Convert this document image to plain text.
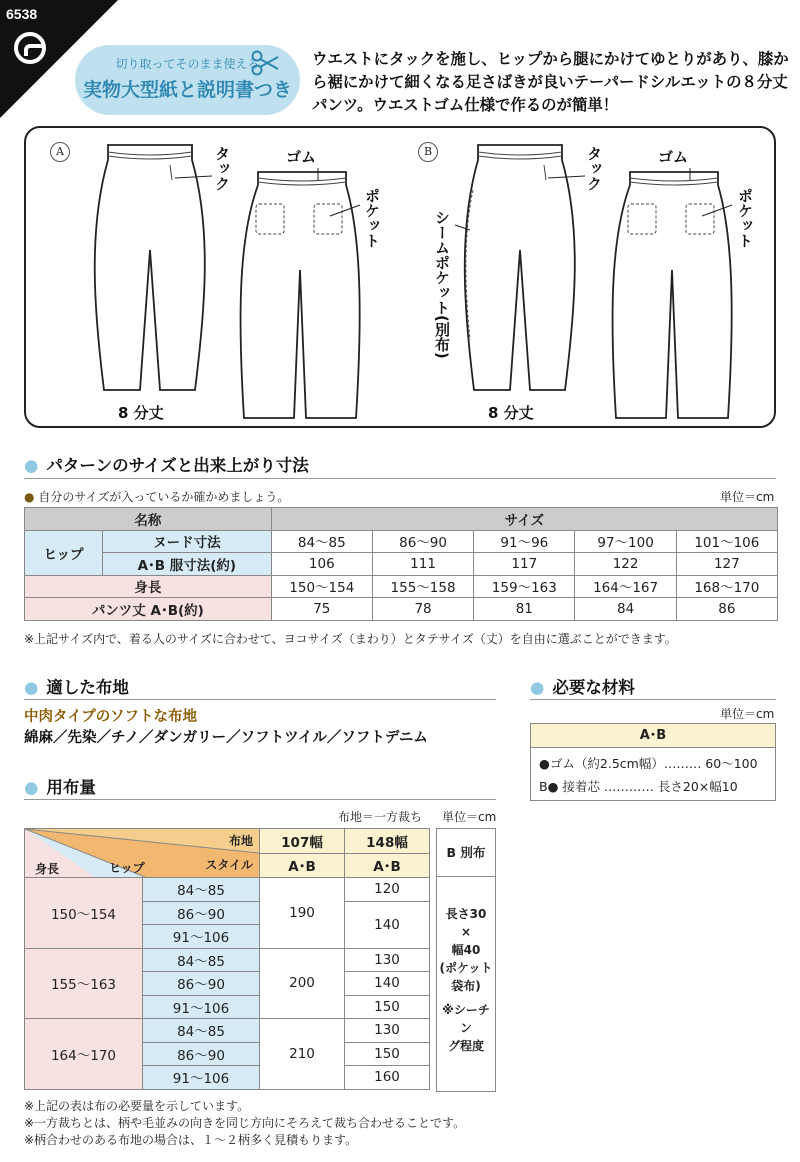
6538
切り取ってそのまま使える
実物大型紙と説明書つき
ウエストにタックを施し、ヒップから腿にかけてゆとりがあり、膝から裾にかけて細くなる足さばきが良いテーパードシルエットの８分丈パンツ。ウエストゴム仕様で作るのが簡単！
A	B
タック	ゴム
ポケット
8 分丈
タック	ゴム
ポケット
シームポケット(別布)
8 分丈
● パターンのサイズと出来上がり寸法
● 自分のサイズが入っているか確かめましょう。	単位＝cm
名称		サイズ				
ヒップ	ヌード寸法	84〜85	86〜90	91〜96	97〜100	101〜106
	A･B 服寸法(約)	106	111	117	122	127
身長		150〜154	155〜158	159〜163	164〜167	168〜170
パンツ丈 A･B(約)		75	78	81	84	86
※上記サイズ内で、着る人のサイズに合わせて、ヨコサイズ（まわり）とタテサイズ（丈）を自由に選ぶことができます。
● 適した布地
中肉タイプのソフトな布地
綿麻／先染／チノ／ダンガリー／ソフトツイル／ソフトデニム
● 必要な材料
単位＝cm
A･B
●ゴム（約2.5cm幅）……… 60〜100
B● 接着芯 ………… 長さ20×幅10
● 用布量
布地＝一方裁ち 単位＝cm
布地
スタイル
ヒップ
身長		107幅	148幅
		A･B	A･B
150〜154	84〜85	190	120
	86〜90		140
	91〜106		
155〜163	84〜85	200	130
	86〜90		140
	91〜106		150
164〜170	84〜85	210	130
	86〜90		150
	91〜106		160
B 別布
長さ30
×
幅40
(ポケット
袋布)
※シーチン
グ程度
※上記の表は布の必要量を示しています。
※一方裁ちとは、柄や毛並みの向きを同じ方向にそろえて裁ち合わせることです。
※柄合わせのある布地の場合は、１〜２柄多く見積もります。
